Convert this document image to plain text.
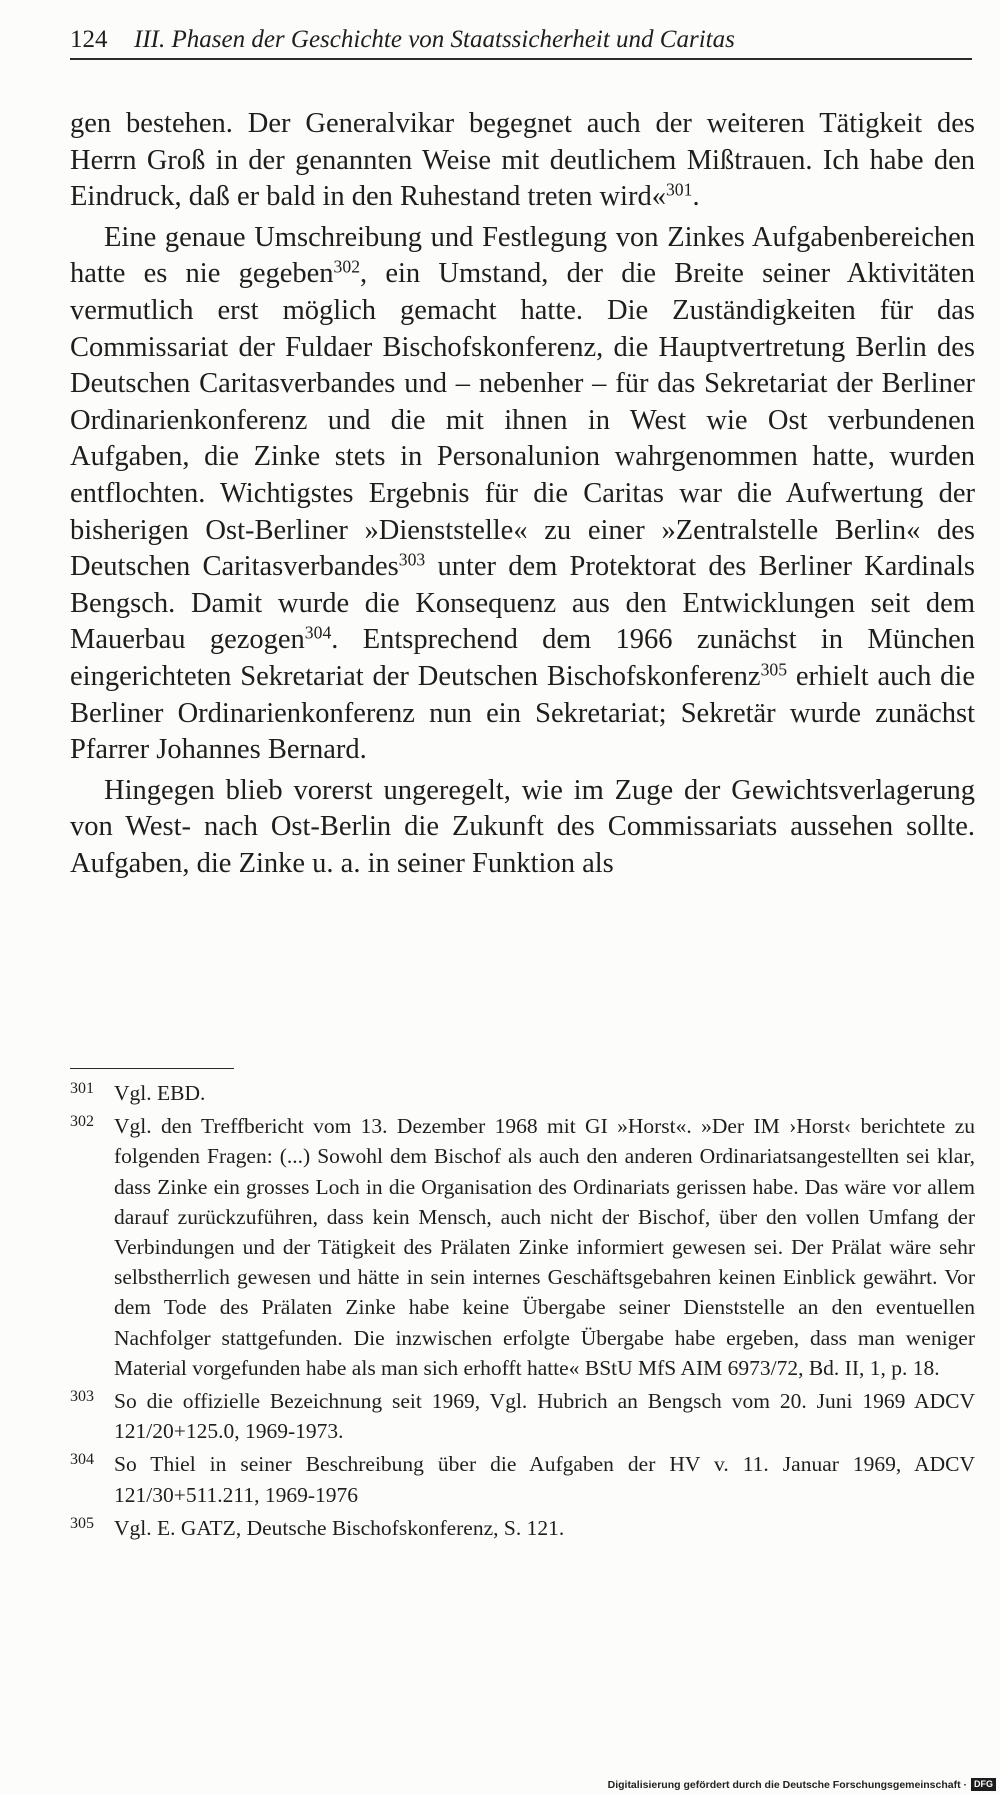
124 III. Phasen der Geschichte von Staatssicherheit und Caritas

gen bestehen. Der Generalvikar begegnet auch der weiteren Tätigkeit des Herrn Groß in der genannten Weise mit deutlichem Mißtrauen. Ich habe den Eindruck, daß er bald in den Ruhestand treten wird«$^{301}$.

Eine genaue Umschreibung und Festlegung von Zinkes Aufgabenbereichen hatte es nie gegeben$^{302}$, ein Umstand, der die Breite seiner Aktivitäten vermutlich erst möglich gemacht hatte. Die Zuständigkeiten für das Commissariat der Fuldaer Bischofskonferenz, die Hauptvertretung Berlin des Deutschen Caritasverbandes und – nebenher – für das Sekretariat der Berliner Ordinarienkonferenz und die mit ihnen in West wie Ost verbundenen Aufgaben, die Zinke stets in Personalunion wahrgenommen hatte, wurden entflochten. Wichtigstes Ergebnis für die Caritas war die Aufwertung der bisherigen Ost-Berliner »Dienststelle« zu einer »Zentralstelle Berlin« des Deutschen Caritasverbandes$^{303}$ unter dem Protektorat des Berliner Kardinals Bengsch. Damit wurde die Konsequenz aus den Entwicklungen seit dem Mauerbau gezogen$^{304}$. Entsprechend dem 1966 zunächst in München eingerichteten Sekretariat der Deutschen Bischofskonferenz$^{305}$ erhielt auch die Berliner Ordinarienkonferenz nun ein Sekretariat; Sekretär wurde zunächst Pfarrer Johannes Bernard.

Hingegen blieb vorerst ungeregelt, wie im Zuge der Gewichtsverlagerung von West- nach Ost-Berlin die Zukunft des Commissariats aussehen sollte. Aufgaben, die Zinke u. a. in seiner Funktion als

301 Vgl. EBD.
302 Vgl. den Treffbericht vom 13. Dezember 1968 mit GI »Horst«. »Der IM ›Horst‹ berichtete zu folgenden Fragen: (...) Sowohl dem Bischof als auch den anderen Ordinariatsangestellten sei klar, dass Zinke ein grosses Loch in die Organisation des Ordinariats gerissen habe. Das wäre vor allem darauf zurückzuführen, dass kein Mensch, auch nicht der Bischof, über den vollen Umfang der Verbindungen und der Tätigkeit des Prälaten Zinke informiert gewesen sei. Der Prälat wäre sehr selbstherrlich gewesen und hätte in sein internes Geschäftsgebahren keinen Einblick gewährt. Vor dem Tode des Prälaten Zinke habe keine Übergabe seiner Dienststelle an den eventuellen Nachfolger stattgefunden. Die inzwischen erfolgte Übergabe habe ergeben, dass man weniger Material vorgefunden habe als man sich erhofft hatte« BStU MfS AIM 6973/72, Bd. II, 1, p. 18.
303 So die offizielle Bezeichnung seit 1969, Vgl. Hubrich an Bengsch vom 20. Juni 1969 ADCV 121/20+125.0, 1969-1973.
304 So Thiel in seiner Beschreibung über die Aufgaben der HV v. 11. Januar 1969, ADCV 121/30+511.211, 1969-1976
305 Vgl. E. GATZ, Deutsche Bischofskonferenz, S. 121.
Digitalisierung gefördert durch die Deutsche Forschungsgemeinschaft · DFG
